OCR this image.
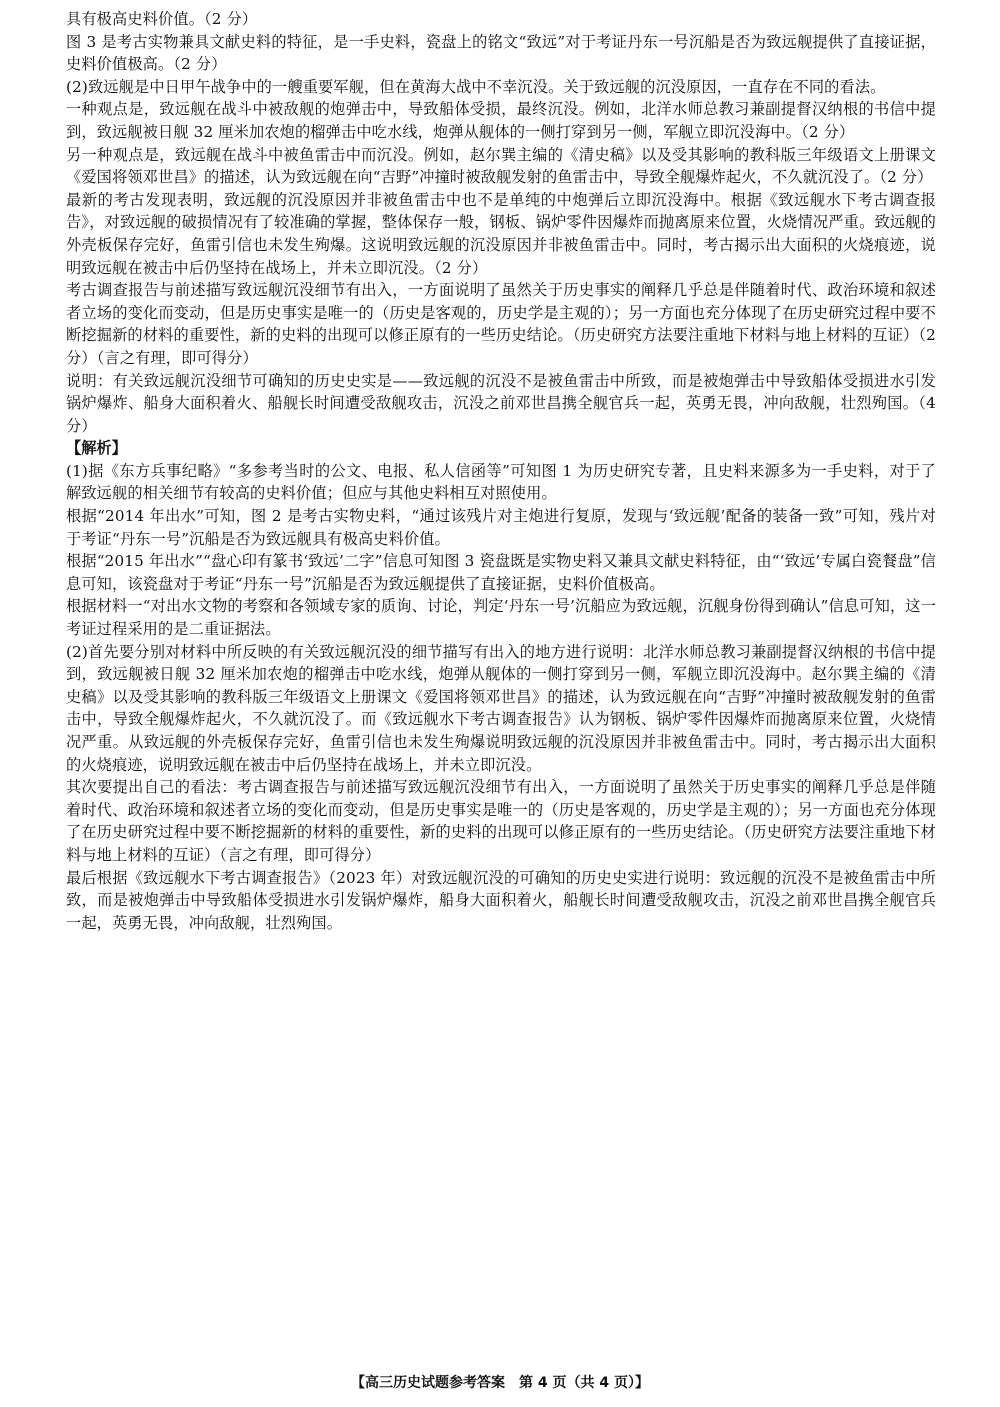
具有极高史料价值。（2 分）

图 3 是考古实物兼具文献史料的特征，是一手史料，瓷盘上的铭文“致远”对于考证丹东一号沉船是否为致远舰提供了直接证据，史料价值极高。（2 分）

(2)致远舰是中日甲午战争中的一艘重要军舰，但在黄海大战中不幸沉没。关于致远舰的沉没原因，一直存在不同的看法。

一种观点是，致远舰在战斗中被敌舰的炮弹击中，导致船体受损，最终沉没。例如，北洋水师总教习兼副提督汉纳根的书信中提到，致远舰被日舰 32 厘米加农炮的榴弹击中吃水线，炮弹从舰体的一侧打穿到另一侧，军舰立即沉没海中。（2 分）

另一种观点是，致远舰在战斗中被鱼雷击中而沉没。例如，赵尔巽主编的《清史稿》以及受其影响的教科版三年级语文上册课文《爱国将领邓世昌》的描述，认为致远舰在向“吉野”冲撞时被敌舰发射的鱼雷击中，导致全舰爆炸起火，不久就沉没了。（2 分）

最新的考古发现表明，致远舰的沉没原因并非被鱼雷击中也不是单纯的中炮弹后立即沉没海中。根据《致远舰水下考古调查报告》，对致远舰的破损情况有了较准确的掌握，整体保存一般，钢板、锅炉零件因爆炸而抛离原来位置，火烧情况严重。致远舰的外壳板保存完好，鱼雷引信也未发生殉爆。这说明致远舰的沉没原因并非被鱼雷击中。同时，考古揭示出大面积的火烧痕迹，说明致远舰在被击中后仍坚持在战场上，并未立即沉没。（2 分）

考古调查报告与前述描写致远舰沉没细节有出入，一方面说明了虽然关于历史事实的阐释几乎总是伴随着时代、政治环境和叙述者立场的变化而变动，但是历史事实是唯一的（历史是客观的，历史学是主观的）；另一方面也充分体现了在历史研究过程中要不断挖掘新的材料的重要性，新的史料的出现可以修正原有的一些历史结论。（历史研究方法要注重地下材料与地上材料的互证）（2 分）（言之有理，即可得分）

说明：有关致远舰沉没细节可确知的历史史实是——致远舰的沉没不是被鱼雷击中所致，而是被炮弹击中导致船体受损进水引发锅炉爆炸、船身大面积着火、船舰长时间遭受敌舰攻击，沉没之前邓世昌携全舰官兵一起，英勇无畏，冲向敌舰，壮烈殉国。（4 分）

【解析】

(1)据《东方兵事纪略》“多参考当时的公文、电报、私人信函等”可知图 1 为历史研究专著，且史料来源多为一手史料，对于了解致远舰的相关细节有较高的史料价值；但应与其他史料相互对照使用。

根据“2014 年出水”可知，图 2 是考古实物史料，“通过该残片对主炮进行复原，发现与‘致远舰’配备的装备一致”可知，残片对于考证“丹东一号”沉船是否为致远舰具有极高史料价值。

根据“2015 年出水”“盘心印有篆书‘致远’二字”信息可知图 3 瓷盘既是实物史料又兼具文献史料特征，由“‘致远’专属白瓷餐盘”信息可知，该瓷盘对于考证“丹东一号”沉船是否为致远舰提供了直接证据，史料价值极高。

根据材料一“对出水文物的考察和各领域专家的质询、讨论，判定‘丹东一号’沉船应为致远舰，沉舰身份得到确认”信息可知，这一考证过程采用的是二重证据法。

(2)首先要分别对材料中所反映的有关致远舰沉没的细节描写有出入的地方进行说明：北洋水师总教习兼副提督汉纳根的书信中提到，致远舰被日舰 32 厘米加农炮的榴弹击中吃水线，炮弹从舰体的一侧打穿到另一侧，军舰立即沉没海中。赵尔巽主编的《清史稿》以及受其影响的教科版三年级语文上册课文《爱国将领邓世昌》的描述，认为致远舰在向“吉野”冲撞时被敌舰发射的鱼雷击中，导致全舰爆炸起火，不久就沉没了。而《致远舰水下考古调查报告》认为钢板、锅炉零件因爆炸而抛离原来位置，火烧情况严重。从致远舰的外壳板保存完好，鱼雷引信也未发生殉爆说明致远舰的沉没原因并非被鱼雷击中。同时，考古揭示出大面积的火烧痕迹，说明致远舰在被击中后仍坚持在战场上，并未立即沉没。

其次要提出自己的看法：考古调查报告与前述描写致远舰沉没细节有出入，一方面说明了虽然关于历史事实的阐释几乎总是伴随着时代、政治环境和叙述者立场的变化而变动，但是历史事实是唯一的（历史是客观的，历史学是主观的）；另一方面也充分体现了在历史研究过程中要不断挖掘新的材料的重要性，新的史料的出现可以修正原有的一些历史结论。（历史研究方法要注重地下材料与地上材料的互证）（言之有理，即可得分）

最后根据《致远舰水下考古调查报告》（2023 年）对致远舰沉没的可确知的历史史实进行说明：致远舰的沉没不是被鱼雷击中所致，而是被炮弹击中导致船体受损进水引发锅炉爆炸，船身大面积着火，船舰长时间遭受敌舰攻击，沉没之前邓世昌携全舰官兵一起，英勇无畏，冲向敌舰，壮烈殉国。

【高三历史试题参考答案　第 4 页（共 4 页）】
